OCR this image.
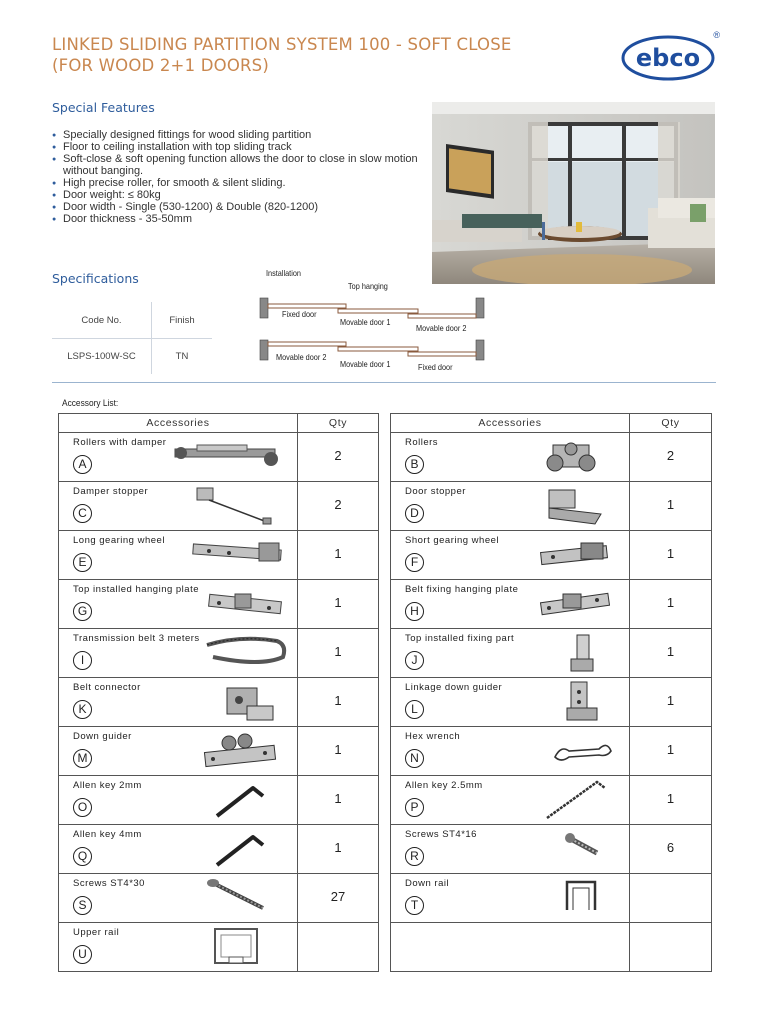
LINKED SLIDING PARTITION SYSTEM 100 - SOFT CLOSE
(FOR WOOD 2+1 DOORS)	ebco
®
Special Features
● Specially designed fittings for wood sliding partition
● Floor to ceiling installation with top sliding track
● Soft-close & soft opening function allows the door to close in slow motion without banging.
● High precise roller, for smooth & silent sliding.
● Door weight: ≤ 80kg
● Door width - Single (530-1200) & Double (820-1200)
● Door thickness - 35-50mm
Specifications
Code No.	Finish
LSPS-100W-SC	TN
Installation
Top hanging
Fixed door
Movable door 1
Movable door 2
Movable door 2
Movable door 1	Fixed door
Accessory List:
Accessories	Qty

Rollers with damper
A	2

Damper stopper
C	2

Long gearing wheel
E	1

Top installed hanging plate
G	1

Transmission belt 3 meters
I	1

Belt connector
K	1

Down guider
M	1

Allen key 2mm
O	1

Allen key 4mm
Q	1

Screws ST4*30
S	27

Upper rail
U	

Accessories	Qty

Rollers
B	2

Door stopper
D	1

Short gearing wheel
F	1

Belt fixing hanging plate
H	1

Top installed fixing part
J	1

Linkage down guider
L	1

Hex wrench
N	1

Allen key 2.5mm
P	1

Screws ST4*16
R	6

Down rail
T	
